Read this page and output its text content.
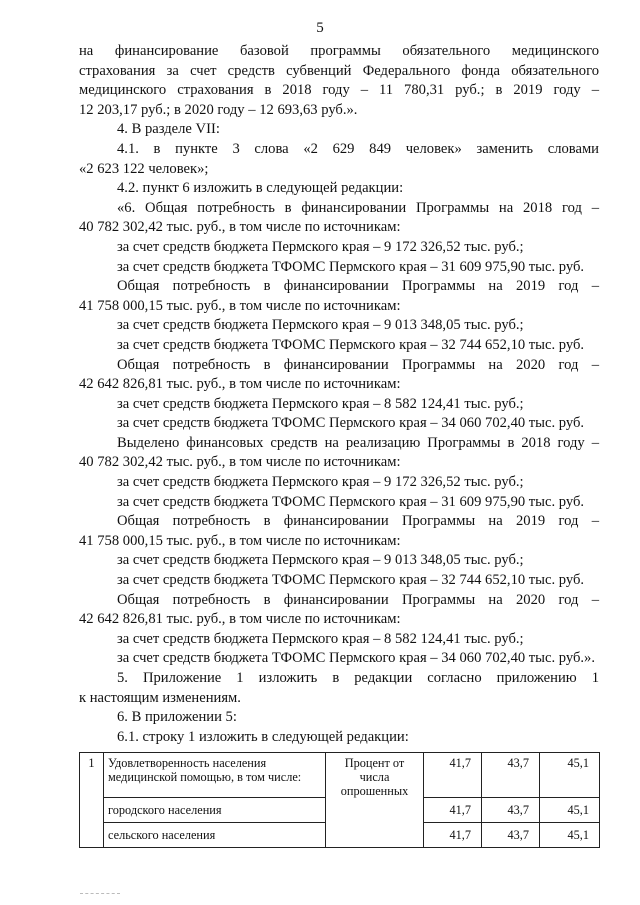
5

на финансирование базовой программы обязательного медицинского

страхования за счет средств субвенций Федерального фонда обязательного

медицинского страхования в 2018 году – 11 780,31 руб.; в 2019 году –

12 203,17 руб.; в 2020 году – 12 693,63 руб.».

4. В разделе VII:

4.1. в пункте 3 слова «2 629 849 человек» заменить словами

«2 623 122 человек»;

4.2. пункт 6 изложить в следующей редакции:

«6. Общая потребность в финансировании Программы на 2018 год –

40 782 302,42 тыс. руб., в том числе по источникам:

за счет средств бюджета Пермского края – 9 172 326,52 тыс. руб.;

за счет средств бюджета ТФОМС Пермского края – 31 609 975,90 тыс. руб.

Общая потребность в финансировании Программы на 2019 год –

41 758 000,15 тыс. руб., в том числе по источникам:

за счет средств бюджета Пермского края – 9 013 348,05 тыс. руб.;

за счет средств бюджета ТФОМС Пермского края – 32 744 652,10 тыс. руб.

Общая потребность в финансировании Программы на 2020 год –

42 642 826,81 тыс. руб., в том числе по источникам:

за счет средств бюджета Пермского края – 8 582 124,41 тыс. руб.;

за счет средств бюджета ТФОМС Пермского края – 34 060 702,40 тыс. руб.

Выделено финансовых средств на реализацию Программы в 2018 году –

40 782 302,42 тыс. руб., в том числе по источникам:

за счет средств бюджета Пермского края – 9 172 326,52 тыс. руб.;

за счет средств бюджета ТФОМС Пермского края – 31 609 975,90 тыс. руб.

Общая потребность в финансировании Программы на 2019 год –

41 758 000,15 тыс. руб., в том числе по источникам:

за счет средств бюджета Пермского края – 9 013 348,05 тыс. руб.;

за счет средств бюджета ТФОМС Пермского края – 32 744 652,10 тыс. руб.

Общая потребность в финансировании Программы на 2020 год –

42 642 826,81 тыс. руб., в том числе по источникам:

за счет средств бюджета Пермского края – 8 582 124,41 тыс. руб.;

за счет средств бюджета ТФОМС Пермского края – 34 060 702,40 тыс. руб.».

5. Приложение 1 изложить в редакции согласно приложению 1

к настоящим изменениям.

6. В приложении 5:

6.1. строку 1 изложить в следующей редакции:

1	Удовлетворенность населения медицинской помощью, в том числе:	Процент от числа опрошенных	41,7	43,7	45,1
	городского населения		41,7	43,7	45,1
	сельского населения		41,7	43,7	45,1
